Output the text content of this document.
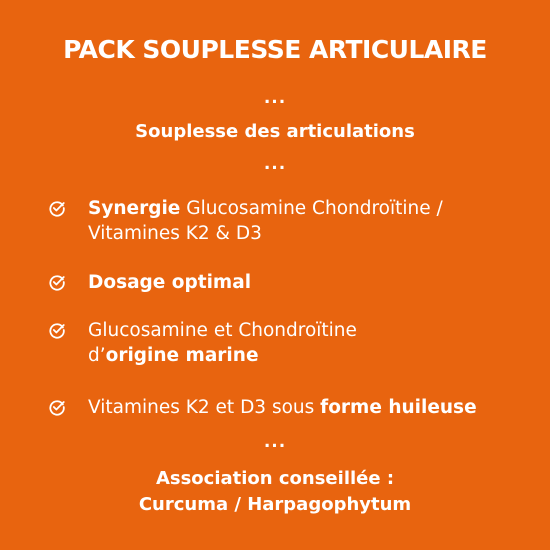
PACK SOUPLESSE ARTICULAIRE
...
Souplesse des articulations
...
Synergie Glucosamine Chondroïtine /
Vitamines K2 & D3
Dosage optimal
Glucosamine et Chondroïtine
d’origine marine
Vitamines K2 et D3 sous forme huileuse
...
Association conseillée :
Curcuma / Harpagophytum
